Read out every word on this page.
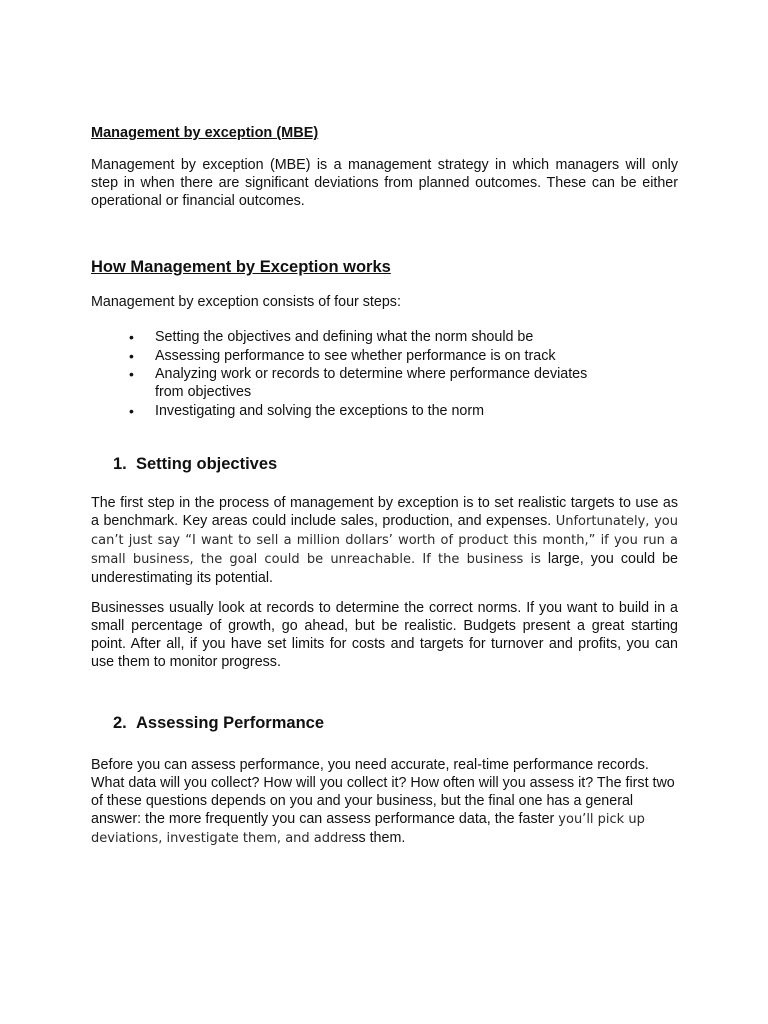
Management by exception (MBE)

Management by exception (MBE) is a management strategy in which managers will only step in when there are significant deviations from planned outcomes. These can be either operational or financial outcomes.

How Management by Exception works

Management by exception consists of four steps:

• Setting the objectives and defining what the norm should be
• Assessing performance to see whether performance is on track
• Analyzing work or records to determine where performance deviates from objectives
• Investigating and solving the exceptions to the norm
1. Setting objectives

The first step in the process of management by exception is to set realistic targets to use as a benchmark. Key areas could include sales, production, and expenses. Unfortunately, you can’t just say “I want to sell a million dollars’ worth of product this month,” if you run a small business, the goal could be unreachable. If the business is large, you could be underestimating its potential.

Businesses usually look at records to determine the correct norms. If you want to build in a small percentage of growth, go ahead, but be realistic. Budgets present a great starting point. After all, if you have set limits for costs and targets for turnover and profits, you can use them to monitor progress.

2. Assessing Performance

Before you can assess performance, you need accurate, real-time performance records. What data will you collect? How will you collect it? How often will you assess it? The first two of these questions depends on you and your business, but the final one has a general answer: the more frequently you can assess performance data, the faster you’ll pick up deviations, investigate them, and address them.
